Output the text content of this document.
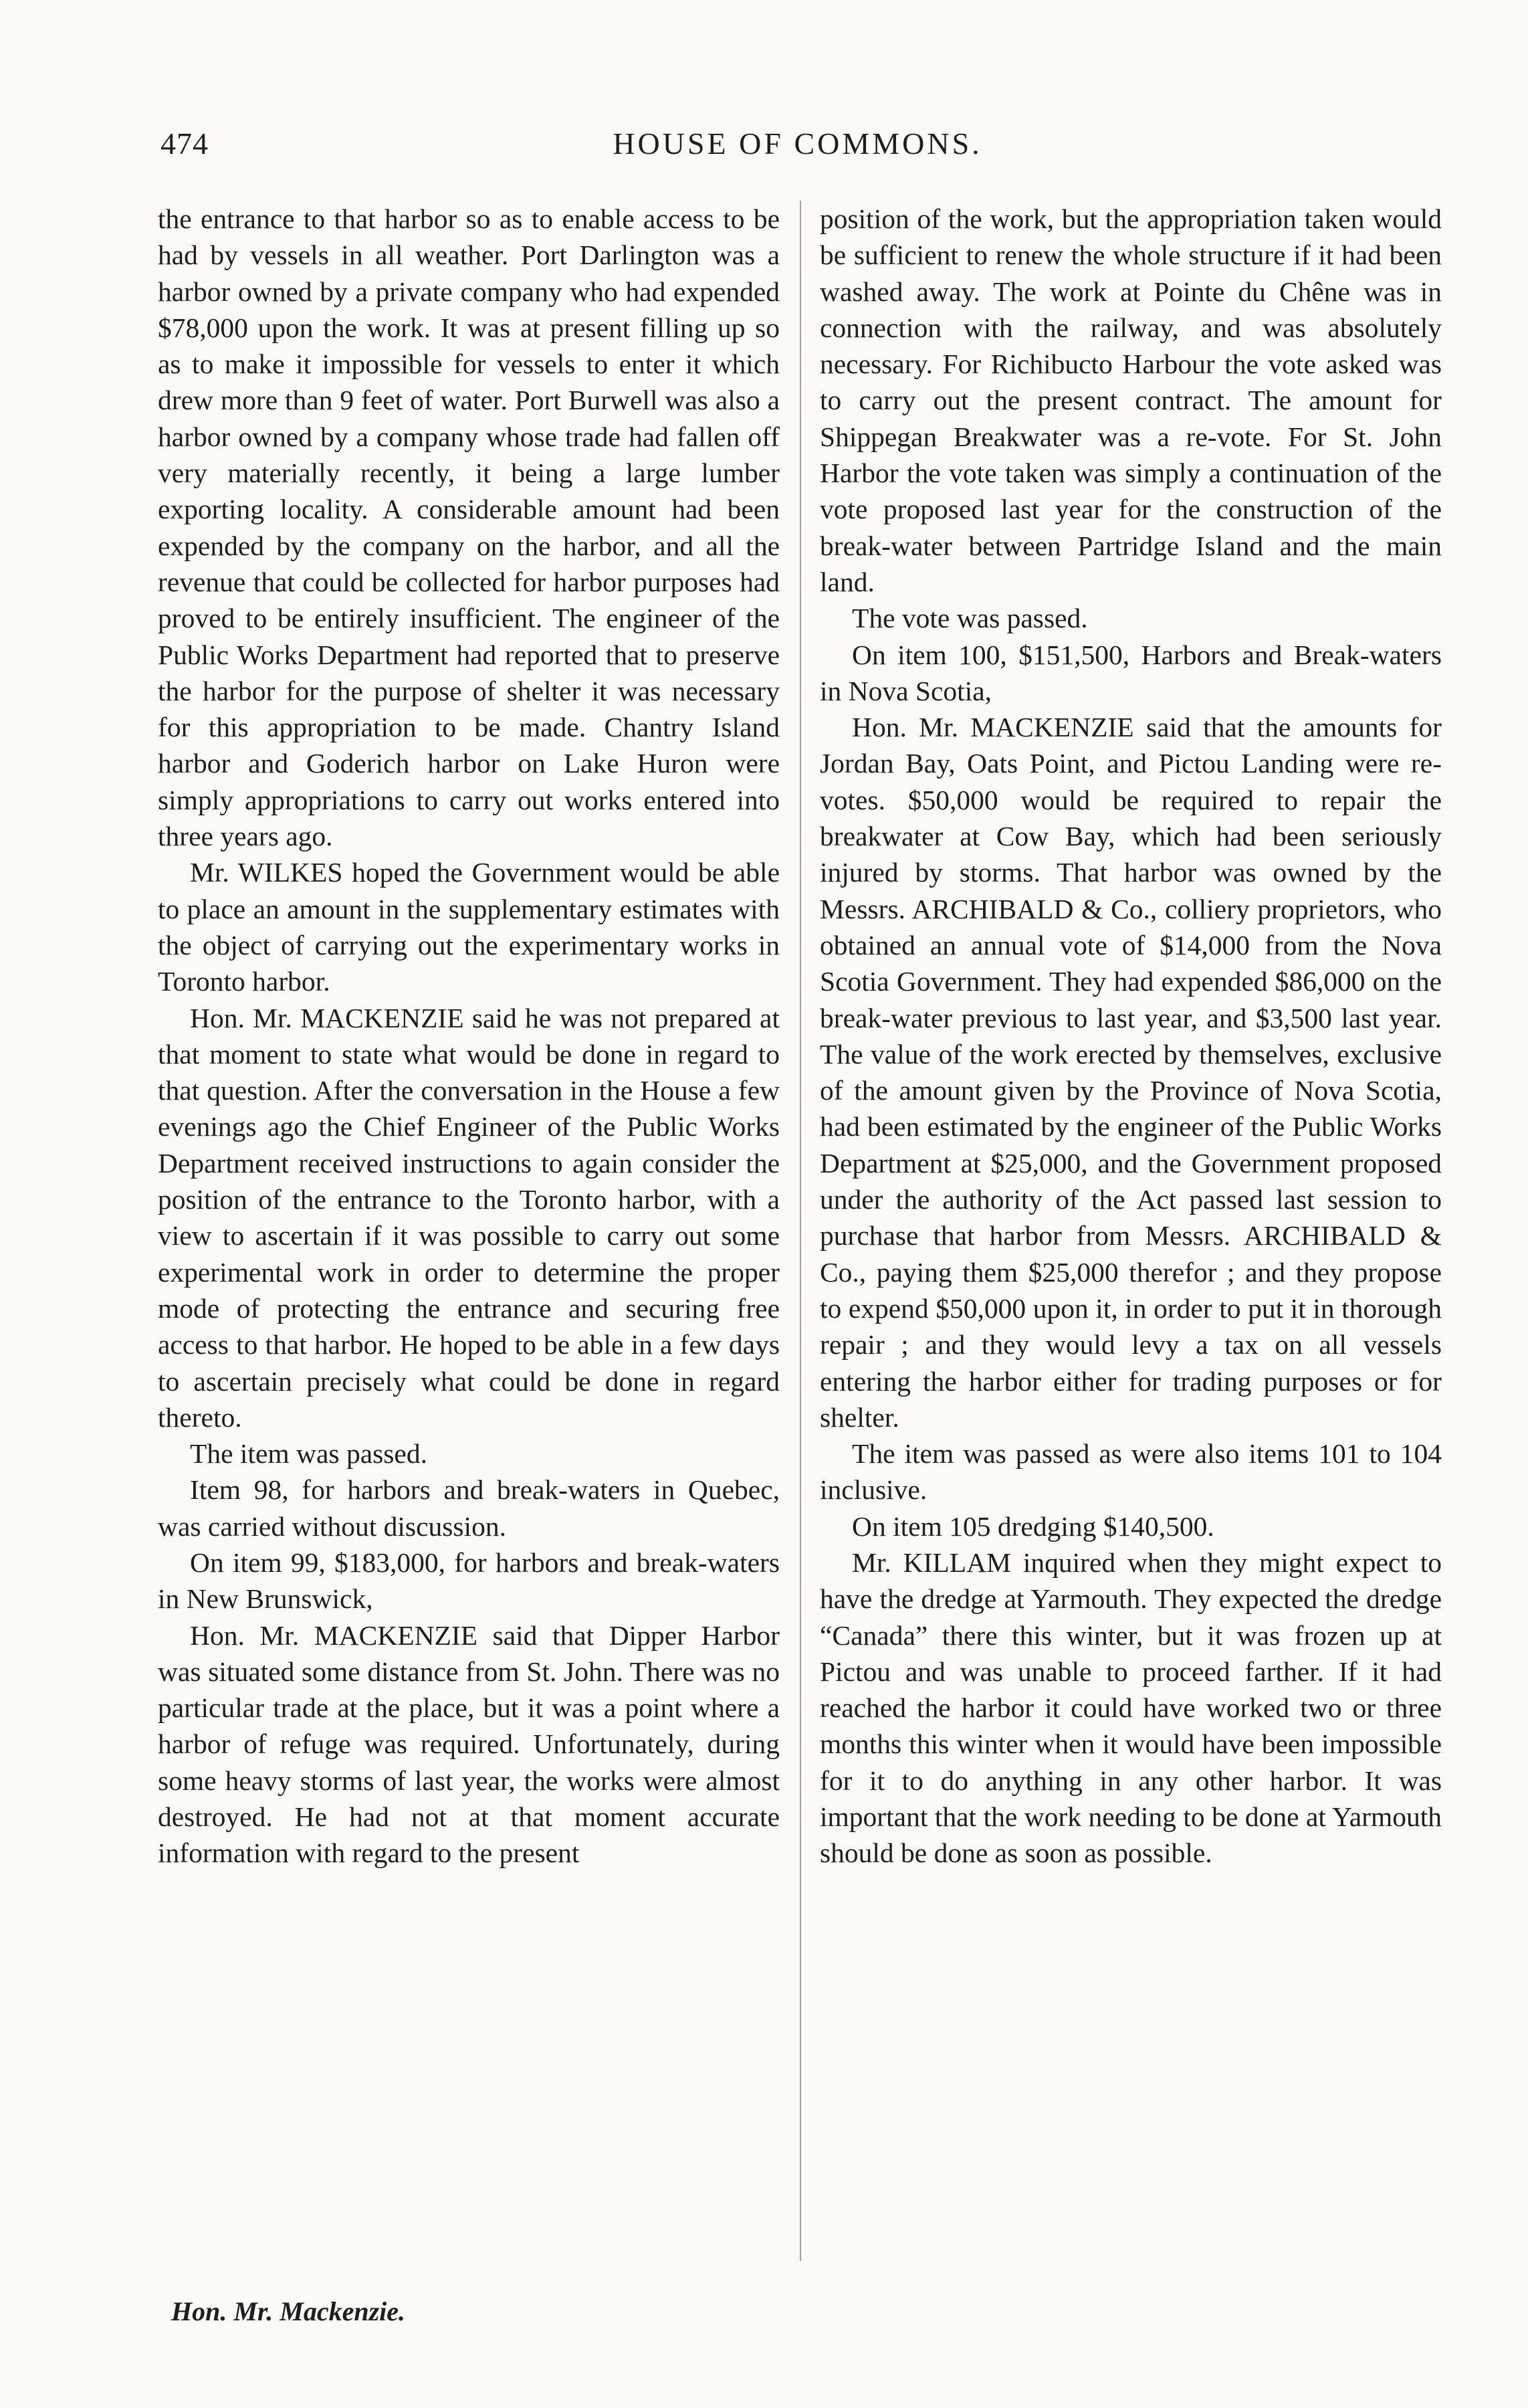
474	HOUSE OF COMMONS.

the entrance to that harbor so as to enable access to be had by vessels in all weather. Port Darlington was a harbor owned by a private company who had expended $78,000 upon the work. It was at present filling up so as to make it impossible for vessels to enter it which drew more than 9 feet of water. Port Burwell was also a harbor owned by a company whose trade had fallen off very materially recently, it being a large lumber exporting locality. A considerable amount had been expended by the company on the harbor, and all the revenue that could be collected for harbor purposes had proved to be entirely insufficient. The engineer of the Public Works Department had reported that to preserve the harbor for the purpose of shelter it was necessary for this appropriation to be made. Chantry Island harbor and Goderich harbor on Lake Huron were simply appropriations to carry out works entered into three years ago.

Mr. WILKES hoped the Government would be able to place an amount in the supplementary estimates with the object of carrying out the experimentary works in Toronto harbor.

Hon. Mr. MACKENZIE said he was not prepared at that moment to state what would be done in regard to that question. After the conversation in the House a few evenings ago the Chief Engineer of the Public Works Department received instructions to again consider the position of the entrance to the Toronto harbor, with a view to ascertain if it was possible to carry out some experimental work in order to determine the proper mode of protecting the entrance and securing free access to that harbor. He hoped to be able in a few days to ascertain precisely what could be done in regard thereto.

The item was passed.

Item 98, for harbors and break-waters in Quebec, was carried without discussion.

On item 99, $183,000, for harbors and break-waters in New Brunswick,

Hon. Mr. MACKENZIE said that Dipper Harbor was situated some distance from St. John. There was no particular trade at the place, but it was a point where a harbor of refuge was required. Unfortunately, during some heavy storms of last year, the works were almost destroyed. He had not at that moment accurate information with regard to the present

position of the work, but the appropriation taken would be sufficient to renew the whole structure if it had been washed away. The work at Pointe du Chêne was in connection with the railway, and was absolutely necessary. For Richibucto Harbour the vote asked was to carry out the present contract. The amount for Shippegan Breakwater was a re-vote. For St. John Harbor the vote taken was simply a continuation of the vote proposed last year for the construction of the break-water between Partridge Island and the main land.

The vote was passed.

On item 100, $151,500, Harbors and Break-waters in Nova Scotia,

Hon. Mr. MACKENZIE said that the amounts for Jordan Bay, Oats Point, and Pictou Landing were re-votes. $50,000 would be required to repair the breakwater at Cow Bay, which had been seriously injured by storms. That harbor was owned by the Messrs. ARCHIBALD & Co., colliery proprietors, who obtained an annual vote of $14,000 from the Nova Scotia Government. They had expended $86,000 on the break-water previous to last year, and $3,500 last year. The value of the work erected by themselves, exclusive of the amount given by the Province of Nova Scotia, had been estimated by the engineer of the Public Works Department at $25,000, and the Government proposed under the authority of the Act passed last session to purchase that harbor from Messrs. ARCHIBALD & Co., paying them $25,000 therefor ; and they propose to expend $50,000 upon it, in order to put it in thorough repair ; and they would levy a tax on all vessels entering the harbor either for trading purposes or for shelter.

The item was passed as were also items 101 to 104 inclusive.

On item 105 dredging $140,500.

Mr. KILLAM inquired when they might expect to have the dredge at Yarmouth. They expected the dredge “Canada” there this winter, but it was frozen up at Pictou and was unable to proceed farther. If it had reached the harbor it could have worked two or three months this winter when it would have been impossible for it to do anything in any other harbor. It was important that the work needing to be done at Yarmouth should be done as soon as possible.

Hon. Mr. Mackenzie.
